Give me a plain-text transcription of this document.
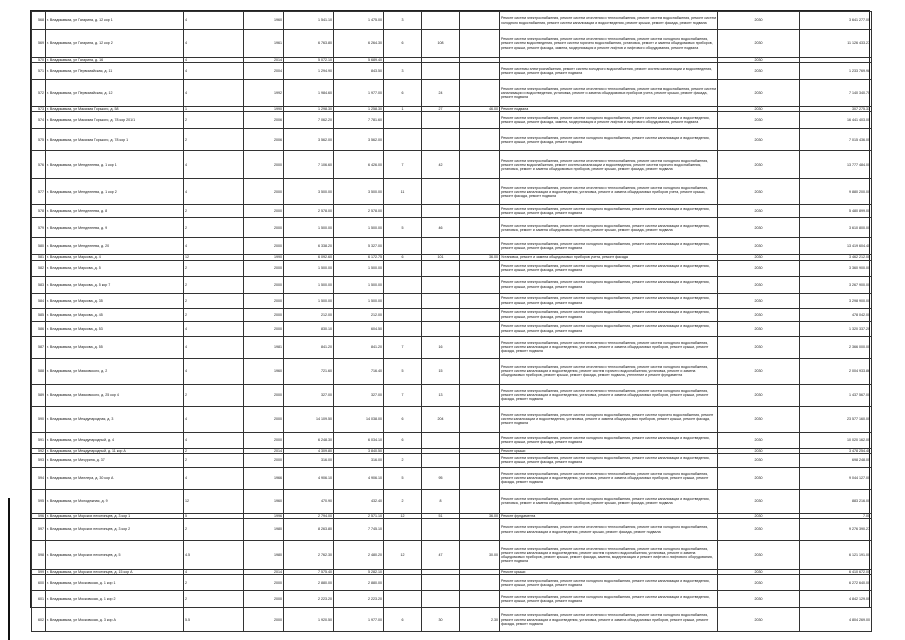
568	г. Владикавказ, ул Гагарина, д. 12 кор 1	4	1960	1 541.10	1 475.00	3			Ремонт систем электроснабжения, ремонт систем отопления и теплоснабжения, ремонт систем водоснабжения, ремонт систем холодного водоснабжения, ремонт систем канализации и водоотведения, ремонт крыши, ремонт фасада, ремонт подвала	2030	3 641 277.00
569	г. Владикавказ, ул Гагарина, д. 12 кор 2	4	1961	6 763.80	6 264.30	6	108		Ремонт систем электроснабжения, ремонт систем отопления и теплоснабжения, ремонт систем холодного водоснабжения, ремонт систем водоотведения, ремонт систем горячего водоснабжения, установка, ремонт и замена общедомовых приборов, ремонт крыши, ремонт фасада, замена, модернизация и ремонт лифтов и лифтового оборудования, ремонт подвала	2030	11 126 433.27
570	г. Владикавказ, ул Гагарина, д. 16	4	2014	5 072.10	5 689.40					2030	
571	г. Владикавказ, ул Первомайская, д. 11	4	2004	1 294.90	843.50	3			Ремонт системы электроснабжения, ремонт систем холодного водоснабжения, ремонт систем канализации и водоотведения, ремонт крыши, ремонт фасада, ремонт подвала	2030	1 233 769.98
572	г. Владикавказ, ул Первомайская, д. 12	4	1992	1 984.60	1 977.00	6	24		Ремонт систем электроснабжения, ремонт систем отопления и теплоснабжения, ремонт систем водоснабжения, ремонт систем канализации и водоотведения, установка, ремонт и замена общедомовых приборов учета, ремонт крыши, ремонт фасада, ремонт подвала	2030	7 140 340.70
573	г. Владикавказ, ул Максима Горького, д. 58	1	1990	1 298.30	1 258.30	1	27	46.00	Ремонт подвала	2030	307 275.31
574	г. Владикавказ, ул Максима Горького, д. 78 кор 201/1	2	2006	7 062.20	7 781.60				Ремонт систем электроснабжения, ремонт систем холодного водоснабжения, ремонт систем канализации и водоотведения, ремонт крыши, ремонт фасада, замена, модернизация и ремонт лифтов и лифтового оборудования, ремонт подвала	2030	16 441 403.00
575	г. Владикавказ, ул Максима Горького, д. 78 кор 1	2	2006	3 562.00	3 562.00				Ремонт систем электроснабжения, ремонт систем холодного водоснабжения, ремонт систем канализации и водоотведения, ремонт крыши, ремонт фасада, ремонт подвала	2030	7 015 436.00
576	г. Владикавказ, ул Менделеева, д. 1 кор 1	4	2000	7 106.60	6 426.00	7	42		Ремонт систем электроснабжения, ремонт систем отопления и теплоснабжения, ремонт систем холодного водоснабжения, ремонт систем водоснабжения, ремонт систем канализации и водоотведения, ремонт систем горячего водоснабжения, установка, ремонт и замена общедомовых приборов, ремонт крыши, ремонт фасада, ремонт подвала	2030	13 777 484.00
577	г. Владикавказ, ул Менделеева, д. 1 кор 2	4	2000	3 500.00	3 500.00	11			Ремонт систем электроснабжения, ремонт систем отопления и теплоснабжения, ремонт систем холодного водоснабжения, ремонт систем канализации и водоотведения, установка, ремонт и замена общедомовых приборов учета, ремонт крыши, ремонт фасада, ремонт подвала	2030	9 880 200.00
578	г. Владикавказ, ул Менделеева, д. 8	2	2000	2 578.00	2 578.00				Ремонт систем электроснабжения, ремонт систем холодного водоснабжения, ремонт систем канализации и водоотведения, ремонт крыши, ремонт фасада, ремонт подвала	2030	5 480 899.00
579	г. Владикавказ, ул Менделеева, д. 9	2	2000	1 500.00	1 500.00	5	46		Ремонт систем электроснабжения, ремонт систем холодного водоснабжения, ремонт систем канализации и водоотведения, установка, ремонт и замена общедомовых приборов, ремонт крыши, ремонт фасада, ремонт подвала	2030	3 610 800.00
580	г. Владикавказ, ул Менделеева, д. 20	4	2000	6 338.20	5 327.00				Ремонт систем электроснабжения, ремонт систем холодного водоснабжения, ремонт систем канализации и водоотведения, ремонт крыши, ремонт фасада, ремонт подвала	2030	13 419 604.40
581	г. Владикавказ, ул Маркова, д. 4	12	1990	6 092.60	6 172.75	6	101	36.00	Установка, ремонт и замена общедомовых приборов учета, ремонт фасада	2030	3 462 212.00
582	г. Владикавказ, ул Маркова, д. 5	2	2000	1 500.00	1 500.00				Ремонт систем электроснабжения, ремонт систем холодного водоснабжения, ремонт систем канализации и водоотведения, ремонт крыши, ремонт фасада, ремонт подвала	2030	3 360 900.00
583	г. Владикавказ, ул Маркова, д. 5 кор 7	2	2000	1 500.00	1 500.00				Ремонт систем электроснабжения, ремонт систем холодного водоснабжения, ремонт систем канализации и водоотведения, ремонт крыши, ремонт фасада, ремонт подвала	2030	3 267 900.00
584	г. Владикавказ, ул Маркова, д. 35	2	2000	1 500.00	1 500.00				Ремонт систем электроснабжения, ремонт систем холодного водоснабжения, ремонт систем канализации и водоотведения, ремонт крыши, ремонт фасада, ремонт подвала	2030	3 298 900.00
585	г. Владикавказ, ул Маркова, д. 45	2	2000	212.00	212.00				Ремонт систем электроснабжения, ремонт систем холодного водоснабжения, ремонт систем канализации и водоотведения, ремонт крыши, ремонт фасада, ремонт подвала	2030	478 042.00
586	г. Владикавказ, ул Маркова, д. 53	4	2000	830.10	604.50				Ремонт систем электроснабжения, ремонт систем холодного водоснабжения, ремонт систем канализации и водоотведения, ремонт крыши, ремонт фасада, ремонт подвала	2030	1 320 337.20
587	г. Владикавказ, ул Маркова, д. 55	4	1981	841.20	841.20	7	16		Ремонт систем электроснабжения, ремонт систем отопления и теплоснабжения, ремонт систем холодного водоснабжения, ремонт систем канализации и водоотведения, установка, ремонт и замена общедомовых приборов, ремонт крыши, ремонт фасада, ремонт подвала	2030	2 366 000.00
588	г. Владикавказ, ул Маяковского, д. 2	4	1960	721.60	716.40	5	15		Ремонт систем электроснабжения, ремонт систем отопления и теплоснабжения, ремонт систем холодного водоснабжения, ремонт систем канализации и водоотведения, ремонт систем горячего водоснабжения, установка, ремонт и замена общедомовых приборов, ремонт крыши, ремонт фасада, ремонт подвала, утепление и ремонт фундамента	2030	2 004 933.86
589	г. Владикавказ, ул Маяковского, д. 25 кор 4	2	2000	327.00	327.00	7	13		Ремонт систем электроснабжения, ремонт систем отопления и теплоснабжения, ремонт систем холодного водоснабжения, ремонт систем канализации и водоотведения, установка, ремонт и замена общедомовых приборов, ремонт крыши, ремонт фасада, ремонт подвала	2030	1 437 567.00
590	г. Владикавказ, ул Международная, д. 3	4	2000	14 109.50	14 038.00	6	204		Ремонт систем электроснабжения, ремонт систем холодного водоснабжения, ремонт систем горячего водоснабжения, ремонт систем канализации и водоотведения, установка, ремонт и замена общедомовых приборов, ремонт крыши, ремонт фасада, ремонт подвала	2030	23 577 160.00
591	г. Владикавказ, ул Международный, д. 4	4	2000	6 248.30	6 034.10	6			Ремонт систем электроснабжения, ремонт систем холодного водоснабжения, ремонт систем канализации и водоотведения, ремонт крыши, ремонт фасада, ремонт подвала	2030	10 020 162.00
592	г. Владикавказ, ул Международный, д. 11 кор А	2	2014	4 309.80	3 840.50				Ремонт крыши	2030	3 478 254.40
593	г. Владикавказ, ул Мичурина, д. 37	2	2000	316.00	316.00	2			Ремонт систем электроснабжения, ремонт систем холодного водоснабжения, ремонт систем канализации и водоотведения, ремонт крыши, ремонт фасада, ремонт подвала	2030	698 248.00
594	г. Владикавказ, ул Миллера, д. 30 кор А	4	1966	4 906.10	4 906.10	5	95		Ремонт систем электроснабжения, ремонт систем отопления и теплоснабжения, ремонт систем холодного водоснабжения, ремонт систем канализации и водоотведения, установка, ремонт и замена общедомовых приборов, ремонт крыши, ремонт фасада, ремонт подвала	2030	9 044 127.00
595	г. Владикавказ, ул Молодежная, д. 9	12	1960	470.90	432.40	2	8		Ремонт систем электроснабжения, ремонт систем холодного водоснабжения, ремонт систем канализации и водоотведения, установка, ремонт и замена общедомовых приборов, ремонт крыши, ремонт фасада, ремонт подвала	2030	883 216.00
596	г. Владикавказ, ул Морских пехотинцев, д. 3 кор 1	5	1996	2 794.00	2 571.10	12	51	36.00	Ремонт фундамента	2030	7.00
597	г. Владикавказ, ул Морских пехотинцев, д. 3 кор 2	2	1980	8 263.80	7 745.10				Ремонт систем электроснабжения, ремонт систем отопления и теплоснабжения, ремонт систем холодного водоснабжения, ремонт систем канализации и водоотведения, ремонт крыши, ремонт фасада, ремонт подвала	2030	9 276 390.27
598	г. Владикавказ, ул Морских пехотинцев, д. 5	4.5	1980	2 762.30	2 480.20	12	47	30.00	Ремонт систем электроснабжения, ремонт систем отопления и теплоснабжения, ремонт систем холодного водоснабжения, ремонт систем канализации и водоотведения, ремонт систем горячего водоснабжения, установка, ремонт и замена общедомовых приборов, ремонт крыши, ремонт фасада, замена, модернизация и ремонт лифтов и лифтового оборудования, ремонт подвала	2030	6 121 191.00
599	г. Владикавказ, ул Морских пехотинцев, д. 15 кор А	4	2014	7 575.40	5 282.10				Ремонт крыши	2030	6 410 672.00
600	г. Владикавказ, ул Московская, д. 1 кор 1	2	2000	2 880.00	2 880.00				Ремонт систем электроснабжения, ремонт систем холодного водоснабжения, ремонт систем канализации и водоотведения, ремонт крыши, ремонт фасада, ремонт подвала	2030	6 272 640.00
601	г. Владикавказ, ул Московская, д. 1 кор 2	2	2000	2 223.20	2 223.20				Ремонт систем электроснабжения, ремонт систем холодного водоснабжения, ремонт систем канализации и водоотведения, ремонт крыши, ремонт фасада, ремонт подвала	2030	4 842 129.00
602	г. Владикавказ, ул Московская, д. 3 кор А	5.5	2000	1 920.50	1 977.00	6	30	2.30	Ремонт систем электроснабжения, ремонт систем отопления и теплоснабжения, ремонт систем холодного водоснабжения, ремонт систем канализации и водоотведения, установка, ремонт и замена общедомовых приборов, ремонт крыши, ремонт фасада, ремонт подвала	2030	4 804 269.00
